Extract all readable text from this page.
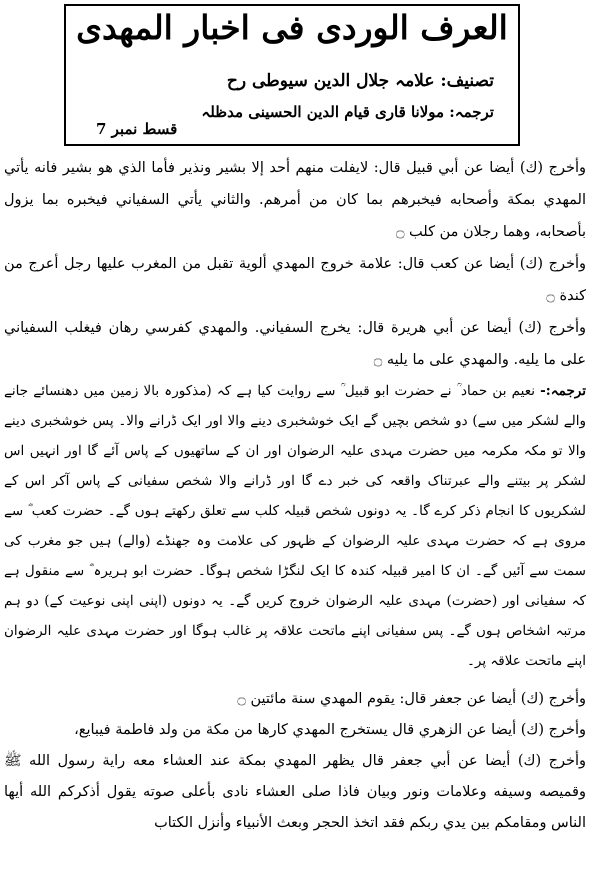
العرف الوردی فی اخبار المهدی
تصنیف: علامہ جلال الدین سیوطی رح
ترجمہ: مولانا قاری قیام الدین الحسینی مدظلہ
قسط نمبر 7

وأخرج (ك) أيضا عن أبي قبيل قال: لايفلت منهم أحد إلا بشير ونذير فأما الذي هو بشير فانه يأتي المهدي بمكة وأصحابه فيخبرهم بما كان من أمرهم. والثاني يأتي السفياني فيخبره بما يزول بأصحابه، وهما رجلان من كلب ۝

وأخرج (ك) أيضا عن كعب قال: علامة خروج المهدي ألوية تقبل من المغرب عليها رجل أعرج من كندة ۝

وأخرج (ك) أيضا عن أبي هريرة قال: يخرج السفياني. والمهدي كفرسي رهان فيغلب السفياني على ما يليه. والمهدي على ما يليه ۝

ترجمہ:- نعیم بن حماد ؒ نے حضرت ابو قبیل ؒ سے روایت کیا ہے کہ (مذکورہ بالا زمین میں دھنسائے جانے والے لشکر میں سے) دو شخص بچیں گے ایک خوشخبری دینے والا اور ایک ڈرانے والا۔ پس خوشخبری دینے والا تو مکہ مکرمہ میں حضرت مہدی علیہ الرضوان اور ان کے ساتھیوں کے پاس آئے گا اور انہیں اس لشکر پر بیتنے والے عبرتناک واقعہ کی خبر دے گا اور ڈرانے والا شخص سفیانی کے پاس آکر اس کے لشکریوں کا انجام ذکر کرے گا۔ یہ دونوں شخص قبیلہ کلب سے تعلق رکھتے ہوں گے۔ حضرت کعب ؓ سے مروی ہے کہ حضرت مہدی علیہ الرضوان کے ظہور کی علامت وہ جھنڈے (والے) ہیں جو مغرب کی سمت سے آئیں گے۔ ان کا امیر قبیلہ کندہ کا ایک لنگڑا شخص ہوگا۔ حضرت ابو ہریرہ ؓ سے منقول ہے کہ سفیانی اور (حضرت) مہدی علیہ الرضوان خروج کریں گے۔ یہ دونوں (اپنی اپنی نوعیت کے) دو ہم مرتبہ اشخاص ہوں گے۔ پس سفیانی اپنے ماتحت علاقہ پر غالب ہوگا اور حضرت مہدی علیہ الرضوان اپنے ماتحت علاقہ پر۔

وأخرج (ك) أيضا عن جعفر قال: يقوم المهدي سنة مائتين ۝

وأخرج (ك) أيضا عن الزهري قال يستخرج المهدي كارها من مكة من ولد فاطمة فيبايع،

وأخرج (ك) أيضا عن أبي جعفر قال يظهر المهدي بمكة عند العشاء معه راية رسول الله ﷺ وقميصه وسيفه وعلامات ونور وبيان فاذا صلى العشاء نادى بأعلى صوته يقول أذكركم الله أيها الناس ومقامكم بين يدي ربكم فقد اتخذ الحجر وبعث الأنبياء وأنزل الكتاب
